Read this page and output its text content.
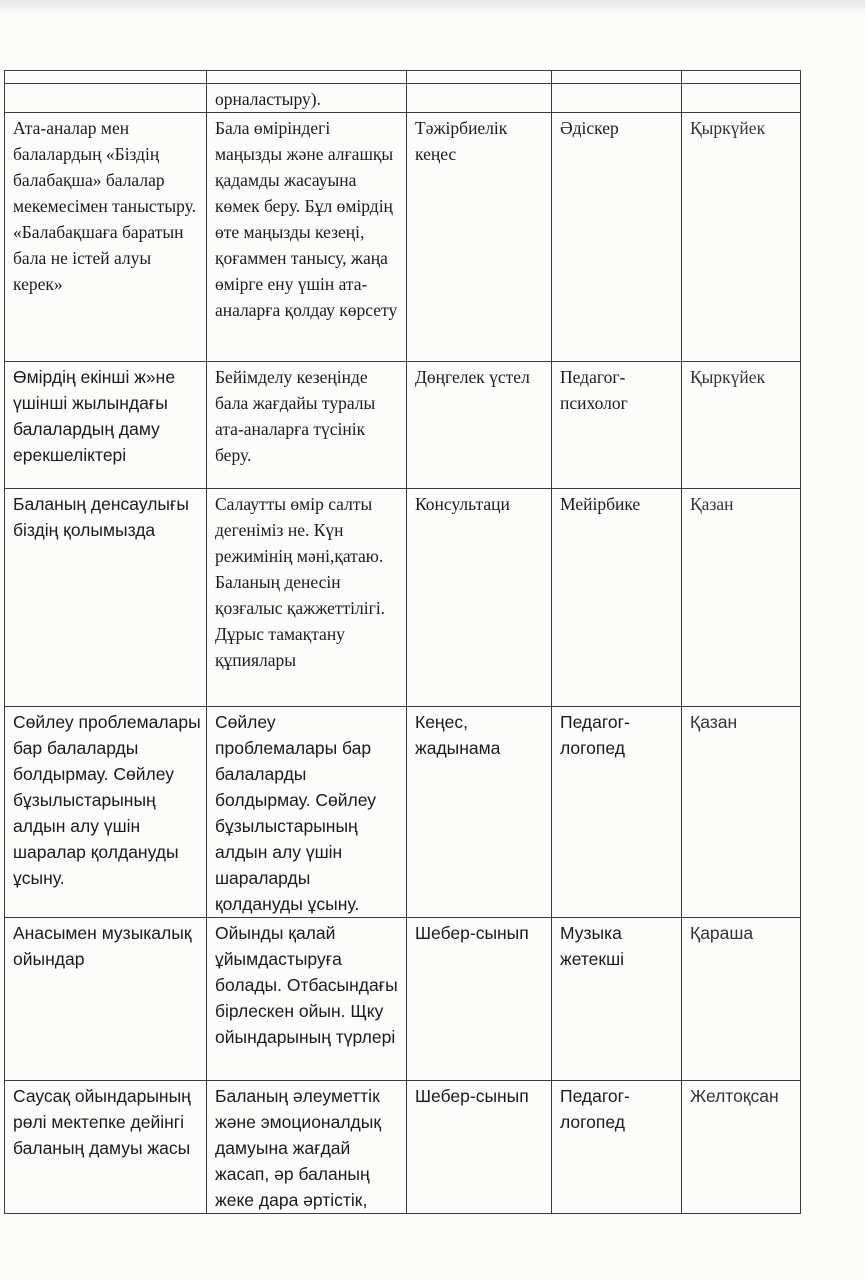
	орналастыру).			
Ата-аналар мен балалардың «Біздің балабақша» балалар мекемесімен таныстыру. «Балабақшаға баратын бала не істей алуы керек»	Бала өміріндегі маңызды және алғашқы қадамды жасауына көмек беру. Бұл өмірдің өте маңызды кезеңі, қоғаммен танысу, жаңа өмірге ену үшін ата-аналарға қолдау көрсету	Тәжірбиелік кеңес	Әдіскер	Қыркүйек
Өмірдің екінші ж»не үшінші жылындағы балалардың даму ерекшеліктері	Бейімделу кезеңінде бала жағдайы туралы ата-аналарға түсінік беру.	Дөңгелек үстел	Педагог-психолог	Қыркүйек
Баланың денсаулығы біздің қолымызда	Салаутты өмір салты дегеніміз не. Күн режимінің мәні,қатаю. Баланың денесін қозғалыс қажжеттілігі. Дұрыс тамақтану құпиялары	Консультаци	Мейірбике	Қазан
Сөйлеу проблемалары бар балаларды болдырмау. Сөйлеу бұзылыстарының алдын алу үшін шаралар қолдануды ұсыну.	Сөйлеу проблемалары бар балаларды болдырмау. Сөйлеу бұзылыстарының алдын алу үшін шараларды қолдануды ұсыну.	Кеңес, жадынама	Педагог-логопед	Қазан
Анасымен музыкалық ойындар	Ойынды қалай ұйымдастыруға болады. Отбасындағы бірлескен ойын. Щку ойындарының түрлері	Шебер-сынып	Музыка жетекші	Қараша
Саусақ ойындарының рөлі мектепке дейінгі баланың дамуы жасы	Баланың әлеуметтік және эмоционалдық дамуына жағдай жасап, әр баланың жеке дара әртістік,	Шебер-сынып	Педагог-логопед	Желтоқсан
